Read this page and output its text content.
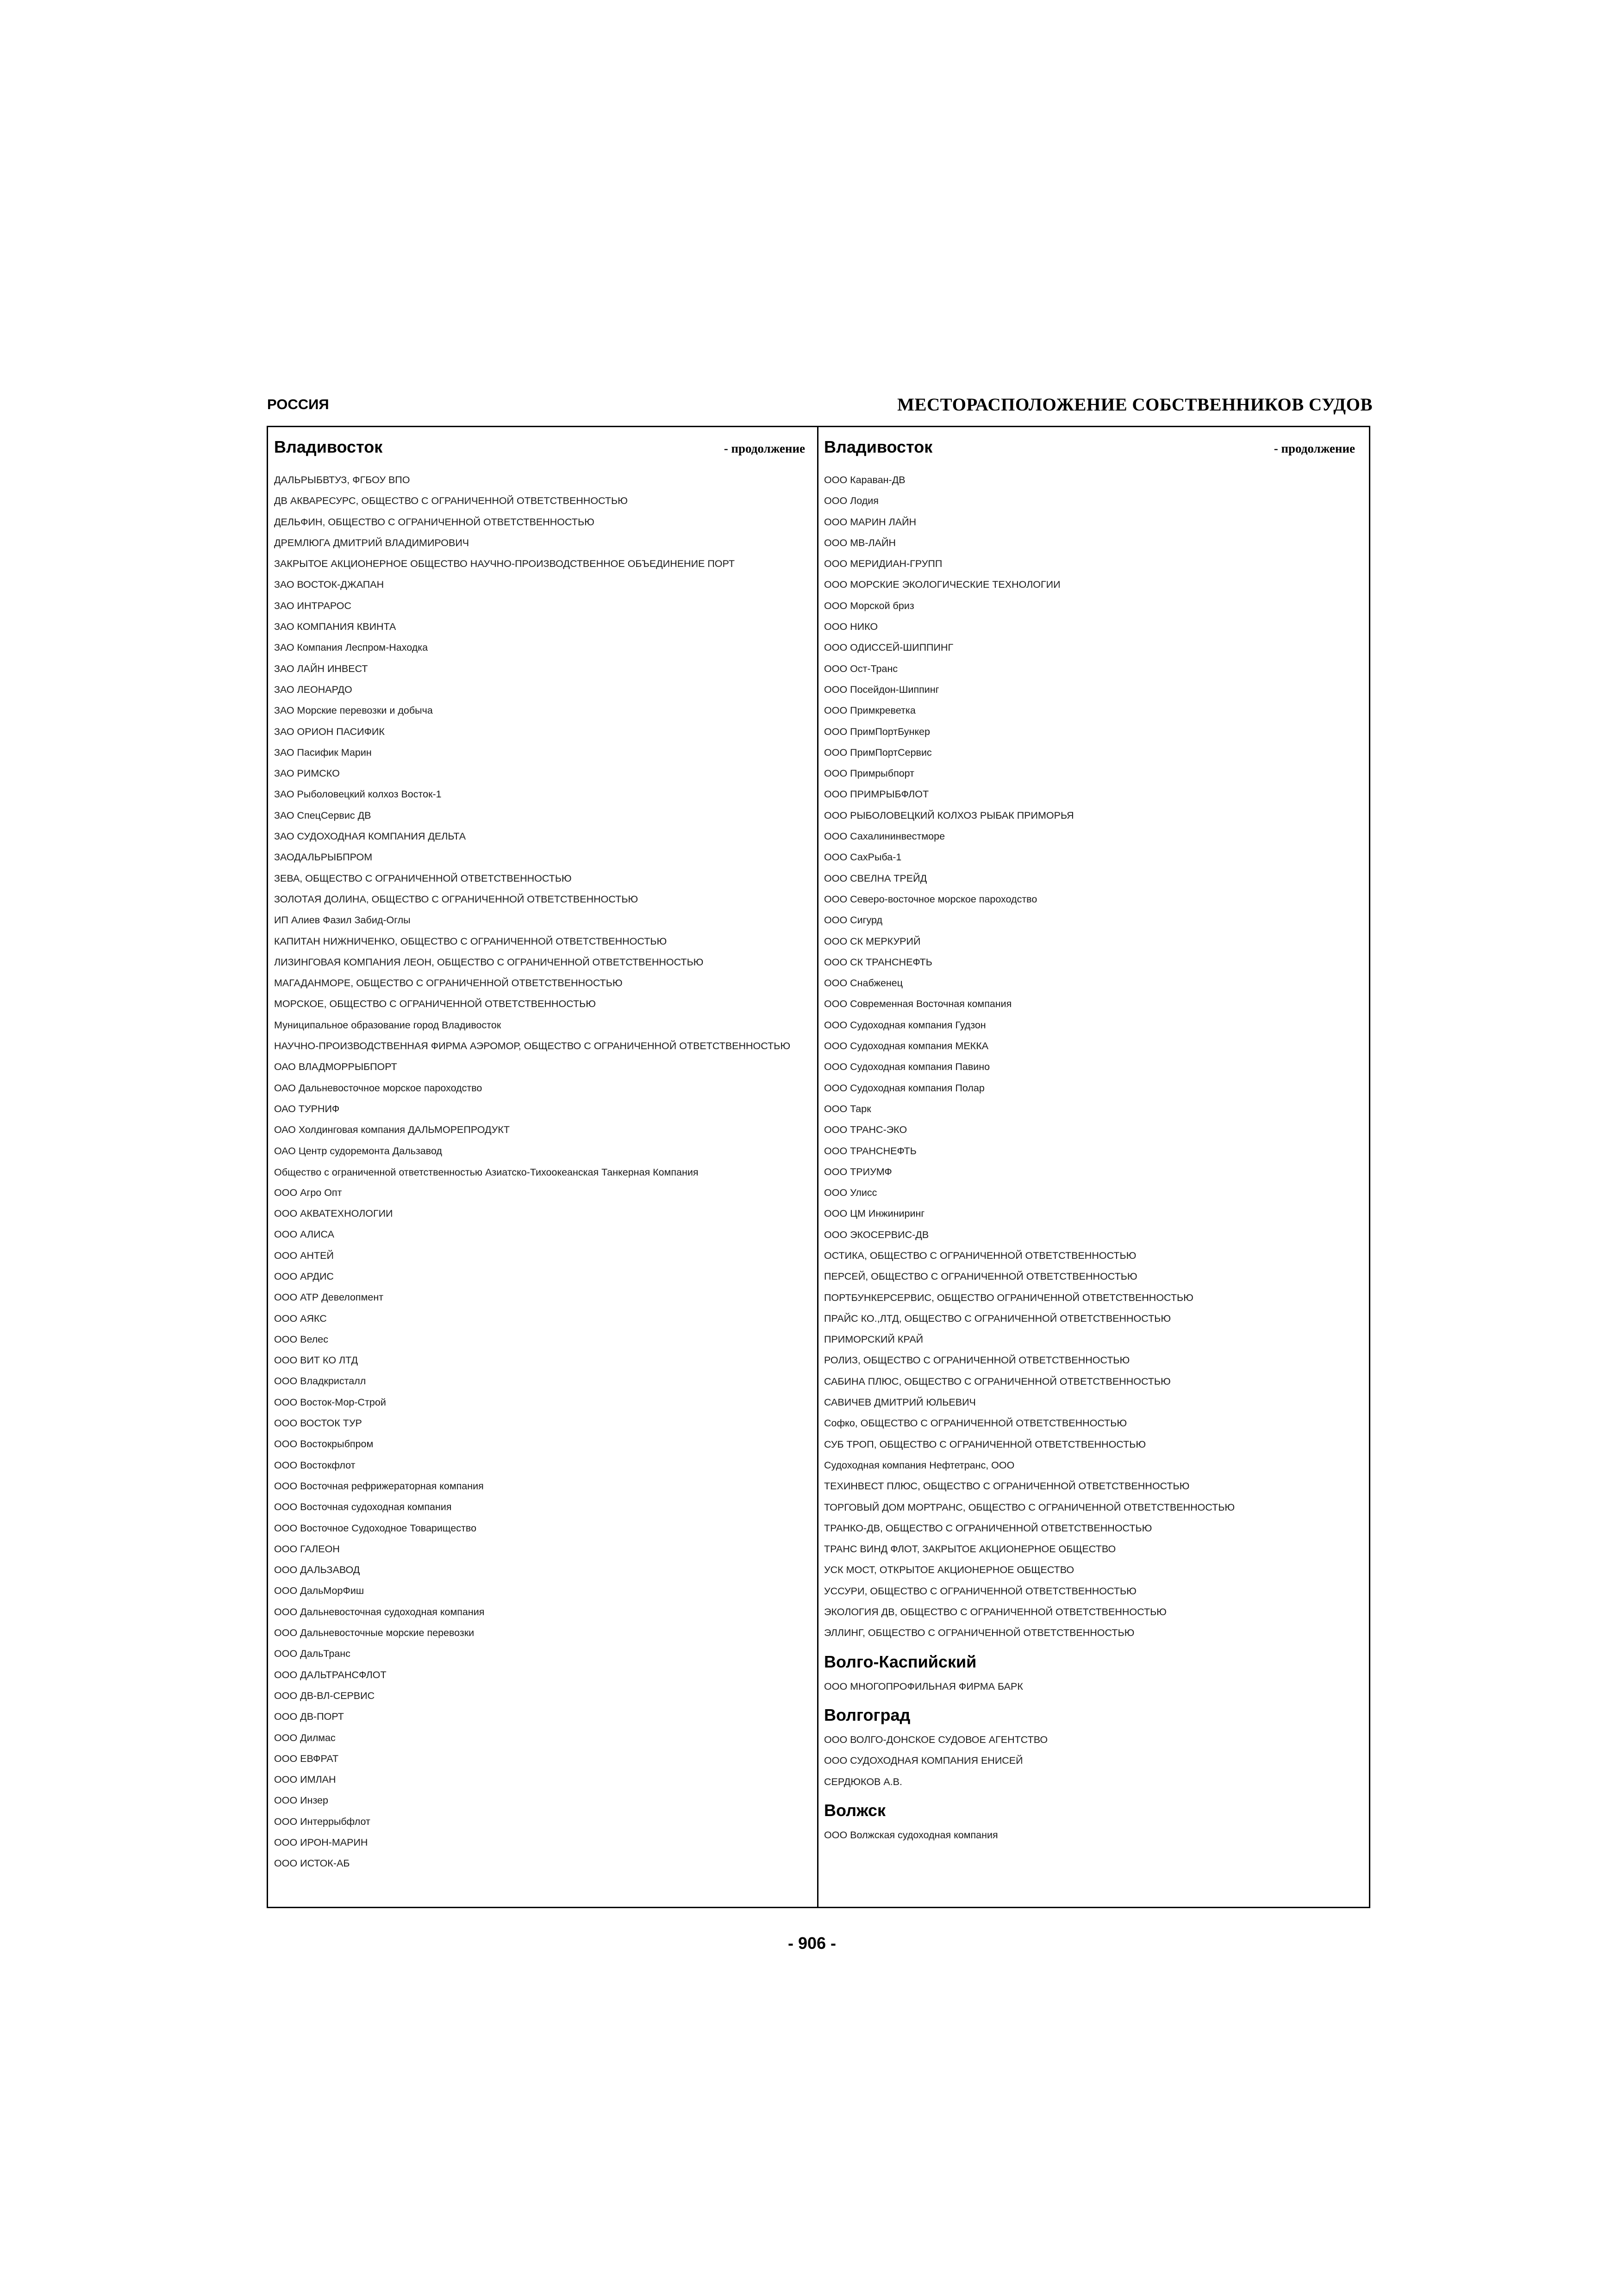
РОССИЯ	МЕСТОРАСПОЛОЖЕНИЕ СОБСТВЕННИКОВ СУДОВ
Владивосток	- продолжение
ДАЛЬРЫБВТУЗ, ФГБОУ ВПО
ДВ АКВАРЕСУРС, ОБЩЕСТВО С ОГРАНИЧЕННОЙ ОТВЕТСТВЕННОСТЬЮ
ДЕЛЬФИН, ОБЩЕСТВО С ОГРАНИЧЕННОЙ ОТВЕТСТВЕННОСТЬЮ
ДРЕМЛЮГА ДМИТРИЙ ВЛАДИМИРОВИЧ
ЗАКРЫТОЕ АКЦИОНЕРНОЕ ОБЩЕСТВО НАУЧНО-ПРОИЗВОДСТВЕННОЕ ОБЪЕДИНЕНИЕ ПОРТ
ЗАО ВОСТОК-ДЖАПАН
ЗАО ИНТРАРОС
ЗАО КОМПАНИЯ КВИНТА
ЗАО Компания Леспром-Находка
ЗАО ЛАЙН ИНВЕСТ
ЗАО ЛЕОНАРДО
ЗАО Морские перевозки и добыча
ЗАО ОРИОН ПАСИФИК
ЗАО Пасифик Марин
ЗАО РИМСКО
ЗАО Рыболовецкий колхоз Восток-1
ЗАО СпецСервис ДВ
ЗАО СУДОХОДНАЯ КОМПАНИЯ ДЕЛЬТА
ЗАОДАЛЬРЫБПРОМ
ЗЕВА, ОБЩЕСТВО С ОГРАНИЧЕННОЙ ОТВЕТСТВЕННОСТЬЮ
ЗОЛОТАЯ ДОЛИНА, ОБЩЕСТВО С ОГРАНИЧЕННОЙ ОТВЕТСТВЕННОСТЬЮ
ИП Алиев Фазил Забид-Оглы
КАПИТАН НИЖНИЧЕНКО, ОБЩЕСТВО С ОГРАНИЧЕННОЙ ОТВЕТСТВЕННОСТЬЮ
ЛИЗИНГОВАЯ КОМПАНИЯ ЛЕОН, ОБЩЕСТВО С ОГРАНИЧЕННОЙ ОТВЕТСТВЕННОСТЬЮ
МАГАДАНМОРЕ, ОБЩЕСТВО С ОГРАНИЧЕННОЙ ОТВЕТСТВЕННОСТЬЮ
МОРСКОЕ, ОБЩЕСТВО С ОГРАНИЧЕННОЙ ОТВЕТСТВЕННОСТЬЮ
Муниципальное образование город Владивосток
НАУЧНО-ПРОИЗВОДСТВЕННАЯ ФИРМА АЭРОМОР, ОБЩЕСТВО С ОГРАНИЧЕННОЙ ОТВЕТСТВЕННОСТЬЮ
ОАО ВЛАДМОРРЫБПОРТ
ОАО Дальневосточное морское пароходство
ОАО ТУРНИФ
ОАО Холдинговая компания ДАЛЬМОРЕПРОДУКТ
ОАО Центр судоремонта Дальзавод
Общество с ограниченной ответственностью Азиатско-Тихоокеанская Танкерная Компания
ООО Агро Опт
ООО АКВАТЕХНОЛОГИИ
ООО АЛИСА
ООО АНТЕЙ
ООО АРДИС
ООО АТР Девелопмент
ООО АЯКС
ООО Велес
ООО ВИТ КО ЛТД
ООО Владкристалл
ООО Восток-Мор-Строй
ООО ВОСТОК ТУР
ООО Востокрыбпром
ООО Востокфлот
ООО Восточная рефрижераторная компания
ООО Восточная судоходная компания
ООО Восточное Судоходное Товарищество
ООО ГАЛЕОН
ООО ДАЛЬЗАВОД
ООО ДальМорФиш
ООО Дальневосточная судоходная компания
ООО Дальневосточные морские перевозки
ООО ДальТранс
ООО ДАЛЬТРАНСФЛОТ
ООО ДВ-ВЛ-СЕРВИС
ООО ДВ-ПОРТ
ООО Дилмас
ООО ЕВФРАТ
ООО ИМЛАН
ООО Инзер
ООО Интеррыбфлот
ООО ИРОН-МАРИН
ООО ИСТОК-АБ
Владивосток	- продолжение
ООО Караван-ДВ
ООО Лодия
ООО МАРИН ЛАЙН
ООО МВ-ЛАЙН
ООО МЕРИДИАН-ГРУПП
ООО МОРСКИЕ ЭКОЛОГИЧЕСКИЕ ТЕХНОЛОГИИ
ООО Морской бриз
ООО НИКО
ООО ОДИССЕЙ-ШИППИНГ
ООО Ост-Транс
ООО Посейдон-Шиппинг
ООО Примкреветка
ООО ПримПортБункер
ООО ПримПортСервис
ООО Примрыбпорт
ООО ПРИМРЫБФЛОТ
ООО РЫБОЛОВЕЦКИЙ КОЛХОЗ РЫБАК ПРИМОРЬЯ
ООО Сахалининвестморе
ООО СахРыба-1
ООО СВЕЛНА ТРЕЙД
ООО Северо-восточное морское пароходство
ООО Сигурд
ООО СК МЕРКУРИЙ
ООО СК ТРАНСНЕФТЬ
ООО Снабженец
ООО Современная Восточная компания
ООО Судоходная компания Гудзон
ООО Судоходная компания МЕККА
ООО Судоходная компания Павино
ООО Судоходная компания Полар
ООО Тарк
ООО ТРАНС-ЭКО
ООО ТРАНСНЕФТЬ
ООО ТРИУМФ
ООО Улисс
ООО ЦМ Инжиниринг
ООО ЭКОСЕРВИС-ДВ
ОСТИКА, ОБЩЕСТВО С ОГРАНИЧЕННОЙ ОТВЕТСТВЕННОСТЬЮ
ПЕРСЕЙ, ОБЩЕСТВО С ОГРАНИЧЕННОЙ ОТВЕТСТВЕННОСТЬЮ
ПОРТБУНКЕРСЕРВИС, ОБЩЕСТВО ОГРАНИЧЕННОЙ ОТВЕТСТВЕННОСТЬЮ
ПРАЙС КО.,ЛТД, ОБЩЕСТВО С ОГРАНИЧЕННОЙ ОТВЕТСТВЕННОСТЬЮ
ПРИМОРСКИЙ КРАЙ
РОЛИЗ, ОБЩЕСТВО С ОГРАНИЧЕННОЙ ОТВЕТСТВЕННОСТЬЮ
САБИНА ПЛЮС, ОБЩЕСТВО С ОГРАНИЧЕННОЙ ОТВЕТСТВЕННОСТЬЮ
САВИЧЕВ ДМИТРИЙ ЮЛЬЕВИЧ
Софко, ОБЩЕСТВО С ОГРАНИЧЕННОЙ ОТВЕТСТВЕННОСТЬЮ
СУБ ТРОП, ОБЩЕСТВО С ОГРАНИЧЕННОЙ ОТВЕТСТВЕННОСТЬЮ
Судоходная компания Нефтетранс, ООО
ТЕХИНВЕСТ ПЛЮС, ОБЩЕСТВО С ОГРАНИЧЕННОЙ ОТВЕТСТВЕННОСТЬЮ
ТОРГОВЫЙ ДОМ МОРТРАНС, ОБЩЕСТВО С ОГРАНИЧЕННОЙ ОТВЕТСТВЕННОСТЬЮ
ТРАНКО-ДВ, ОБЩЕСТВО С ОГРАНИЧЕННОЙ ОТВЕТСТВЕННОСТЬЮ
ТРАНС ВИНД ФЛОТ, ЗАКРЫТОЕ АКЦИОНЕРНОЕ ОБЩЕСТВО
УСК МОСТ, ОТКРЫТОЕ АКЦИОНЕРНОЕ ОБЩЕСТВО
УССУРИ, ОБЩЕСТВО С ОГРАНИЧЕННОЙ ОТВЕТСТВЕННОСТЬЮ
ЭКОЛОГИЯ ДВ, ОБЩЕСТВО С ОГРАНИЧЕННОЙ ОТВЕТСТВЕННОСТЬЮ
ЭЛЛИНГ, ОБЩЕСТВО С ОГРАНИЧЕННОЙ ОТВЕТСТВЕННОСТЬЮ
Волго-Каспийский
ООО МНОГОПРОФИЛЬНАЯ ФИРМА БАРК
Волгоград
ООО ВОЛГО-ДОНСКОЕ СУДОВОЕ АГЕНТСТВО
ООО СУДОХОДНАЯ КОМПАНИЯ ЕНИСЕЙ
СЕРДЮКОВ А.В.
Волжск
ООО Волжская судоходная компания
- 906 -
